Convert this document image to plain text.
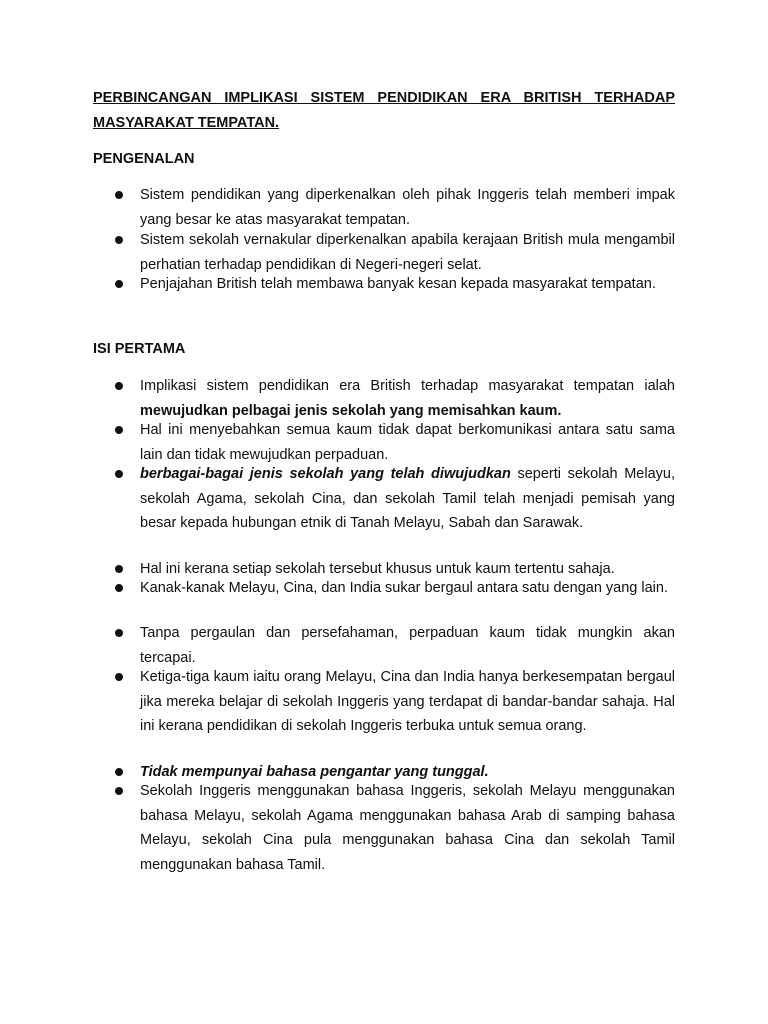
PERBINCANGAN IMPLIKASI SISTEM PENDIDIKAN ERA BRITISH TERHADAP MASYARAKAT TEMPATAN.
PENGENALAN
Sistem pendidikan yang diperkenalkan oleh pihak Inggeris telah memberi impak yang besar ke atas masyarakat tempatan.
Sistem sekolah vernakular diperkenalkan apabila kerajaan British mula mengambil perhatian terhadap pendidikan di Negeri-negeri selat.
Penjajahan British telah membawa banyak kesan kepada masyarakat tempatan.
ISI PERTAMA
Implikasi sistem pendidikan era British terhadap masyarakat tempatan ialah mewujudkan pelbagai jenis sekolah yang memisahkan kaum.
Hal ini menyebahkan semua kaum tidak dapat berkomunikasi antara satu sama lain dan tidak mewujudkan perpaduan.
berbagai-bagai jenis sekolah yang telah diwujudkan seperti sekolah Melayu, sekolah Agama, sekolah Cina, dan sekolah Tamil telah menjadi pemisah yang besar kepada hubungan etnik di Tanah Melayu, Sabah dan Sarawak.
Hal ini kerana setiap sekolah tersebut khusus untuk kaum tertentu sahaja.
Kanak-kanak Melayu, Cina, dan India sukar bergaul antara satu dengan yang lain.
Tanpa pergaulan dan persefahaman, perpaduan kaum tidak mungkin akan tercapai.
Ketiga-tiga kaum iaitu orang Melayu, Cina dan India hanya berkesempatan bergaul jika mereka belajar di sekolah Inggeris yang terdapat di bandar-bandar sahaja. Hal ini kerana pendidikan di sekolah Inggeris terbuka untuk semua orang.
Tidak mempunyai bahasa pengantar yang tunggal.
Sekolah Inggeris menggunakan bahasa Inggeris, sekolah Melayu menggunakan bahasa Melayu, sekolah Agama menggunakan bahasa Arab di samping bahasa Melayu, sekolah Cina pula menggunakan bahasa Cina dan sekolah Tamil menggunakan bahasa Tamil.
